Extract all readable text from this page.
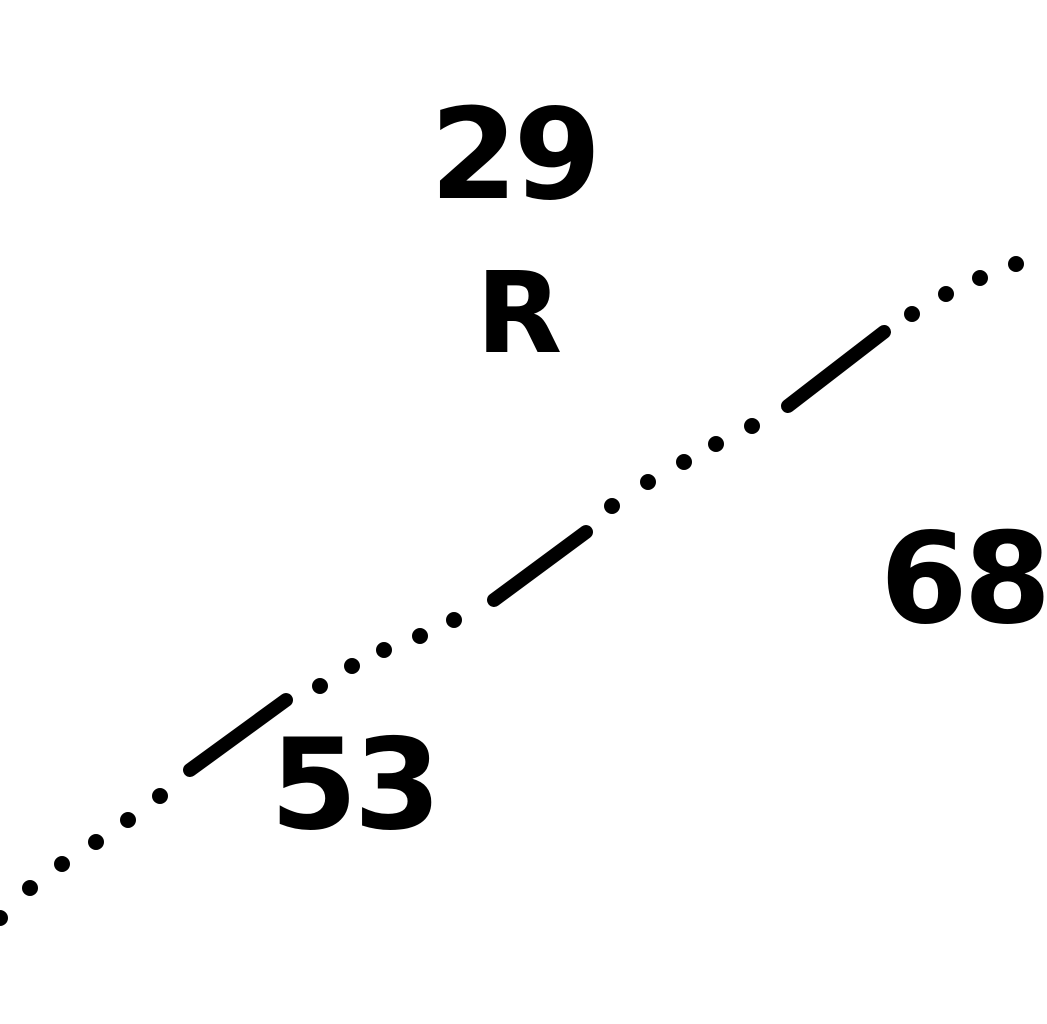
29
R
68
53
